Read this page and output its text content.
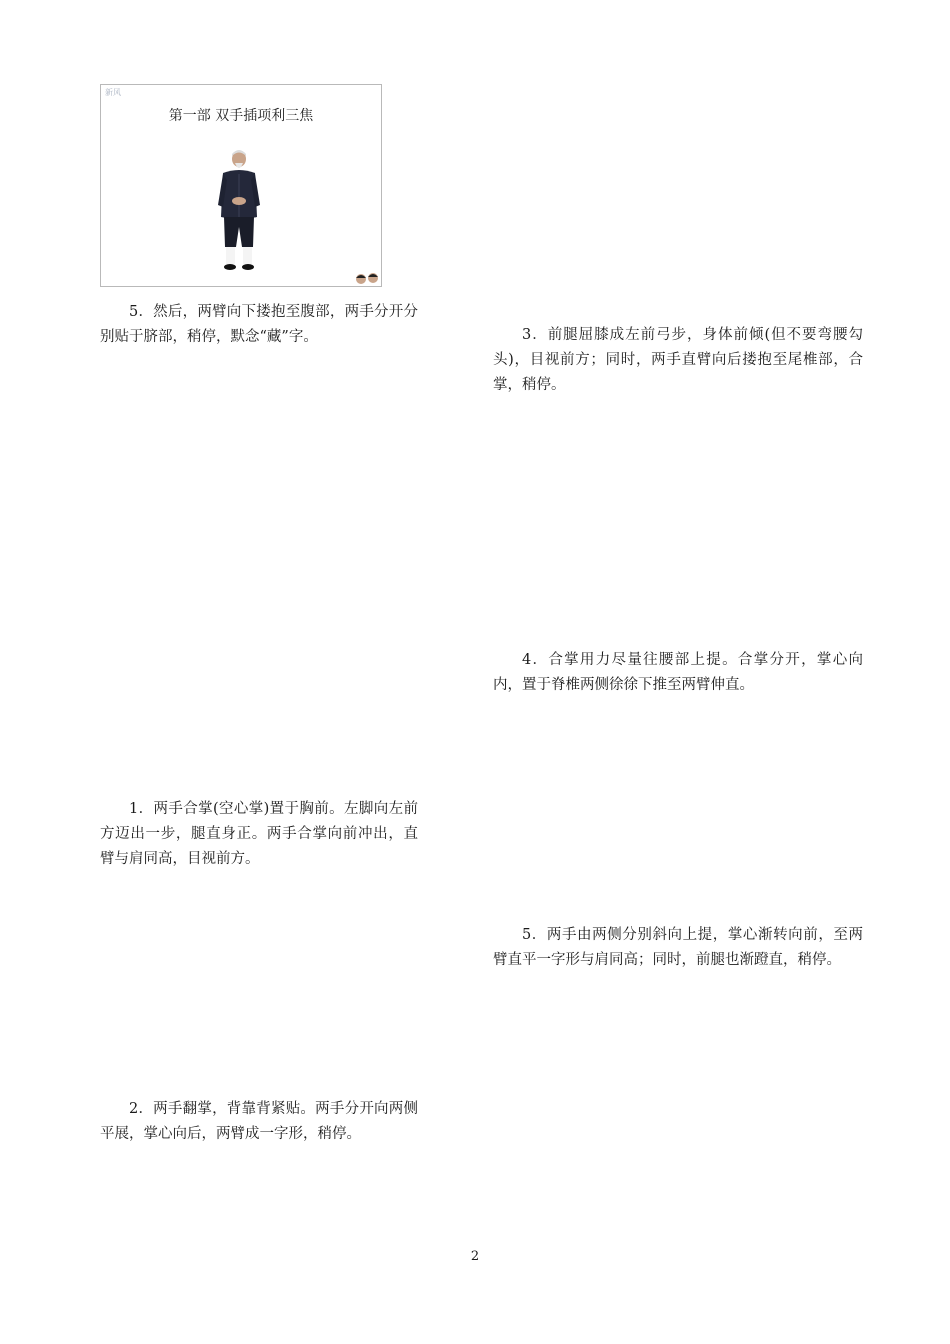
新风
第一部 双手插项利三焦

5．然后，两臂向下搂抱至腹部，两手分开分别贴于脐部，稍停，默念“藏”字。

1．两手合掌(空心掌)置于胸前。左脚向左前方迈出一步，腿直身正。两手合掌向前冲出，直臂与肩同高，目视前方。

2．两手翻掌，背靠背紧贴。两手分开向两侧平展，掌心向后，两臂成一字形，稍停。

3．前腿屈膝成左前弓步，身体前倾(但不要弯腰勾头)，目视前方；同时，两手直臂向后搂抱至尾椎部，合掌，稍停。

4．合掌用力尽量往腰部上提。合掌分开，掌心向内，置于脊椎两侧徐徐下推至两臂伸直。

5．两手由两侧分别斜向上提，掌心渐转向前，至两臂直平一字形与肩同高；同时，前腿也渐蹬直，稍停。

2
